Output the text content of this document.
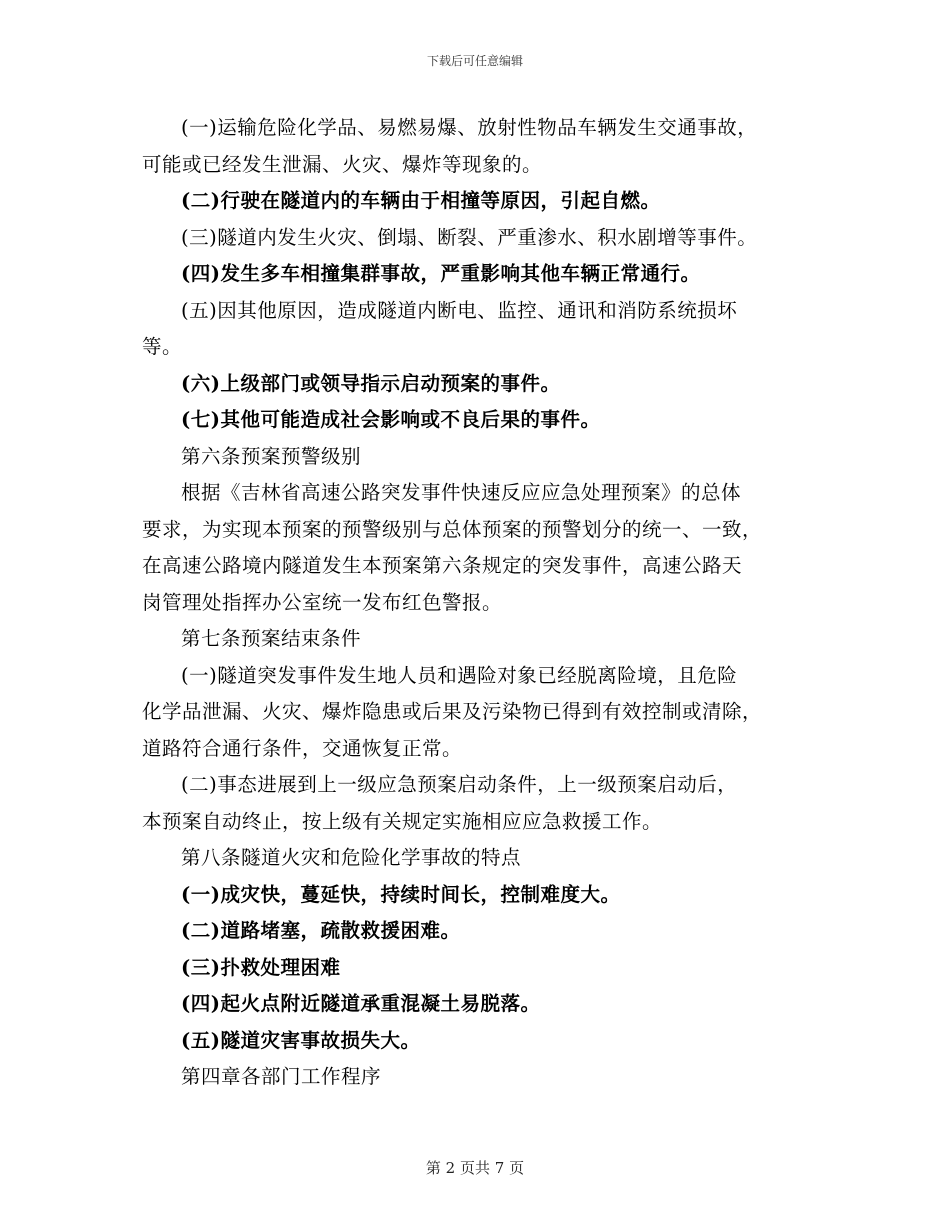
下载后可任意编辑

(一)运输危险化学品、易燃易爆、放射性物品车辆发生交通事故，
可能或已经发生泄漏、火灾、爆炸等现象的。

(二)行驶在隧道内的车辆由于相撞等原因，引起自燃。

(三)隧道内发生火灾、倒塌、断裂、严重渗水、积水剧增等事件。

(四)发生多车相撞集群事故，严重影响其他车辆正常通行。

(五)因其他原因，造成隧道内断电、监控、通讯和消防系统损坏
等。

(六)上级部门或领导指示启动预案的事件。

(七)其他可能造成社会影响或不良后果的事件。

第六条预案预警级别

根据《吉林省高速公路突发事件快速反应应急处理预案》的总体
要求，为实现本预案的预警级别与总体预案的预警划分的统一、一致，
在高速公路境内隧道发生本预案第六条规定的突发事件，高速公路天
岗管理处指挥办公室统一发布红色警报。

第七条预案结束条件

(一)隧道突发事件发生地人员和遇险对象已经脱离险境，且危险
化学品泄漏、火灾、爆炸隐患或后果及污染物已得到有效控制或清除，
道路符合通行条件，交通恢复正常。

(二)事态进展到上一级应急预案启动条件，上一级预案启动后，
本预案自动终止，按上级有关规定实施相应应急救援工作。

第八条隧道火灾和危险化学事故的特点

(一)成灾快，蔓延快，持续时间长，控制难度大。

(二)道路堵塞，疏散救援困难。

(三)扑救处理困难

(四)起火点附近隧道承重混凝土易脱落。

(五)隧道灾害事故损失大。

第四章各部门工作程序

第 2 页共 7 页
